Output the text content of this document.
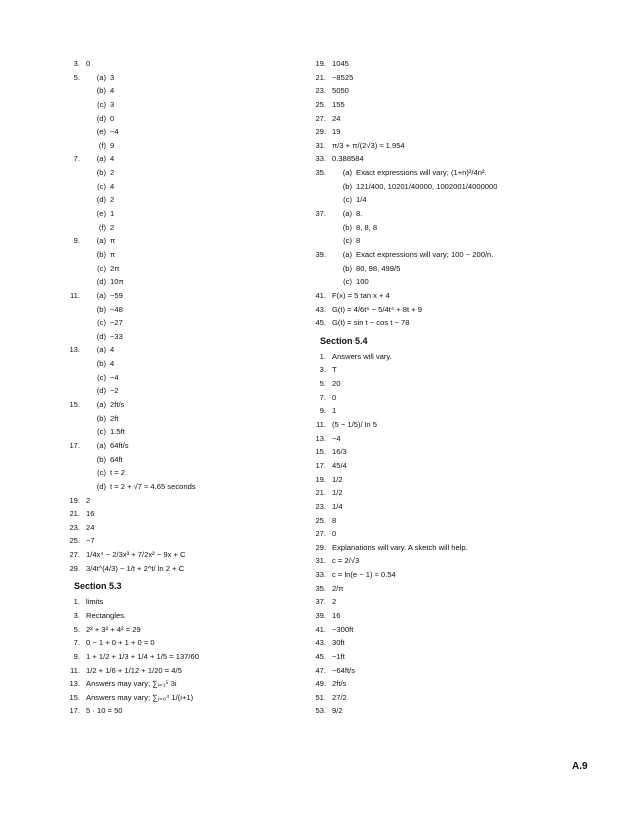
3. 0
5.	(a) 3
(b) 4
(c) 3
(d) 0
(e) −4
(f) 9
7.	(a) 4
(b) 2
(c) 4
(d) 2
(e) 1
(f) 2
9.	(a) π
(b) π
(c) 2π
(d) 10π
11.	(a) −59
(b) −48
(c) −27
(d) −33
13.	(a) 4
(b) 4
(c) −4
(d) −2
15.	(a) 2ft/s
(b) 2ft
(c) 1.5ft
17.	(a) 64ft/s
(b) 64ft
(c) t = 2
(d) t = 2 + √7 ≈ 4.65 seconds
19. 2
21. 16
23. 24
25. −7
27. 1/4x⁴ − 2/3x³ + 7/2x² − 9x + C
29. 3/4t^(4/3) − 1/t + 2^t/ ln 2 + C
Section 5.3
1. limits
3. Rectangles.
5. 2² + 3² + 4² = 29
7. 0 − 1 + 0 + 1 + 0 = 0
9. 1 + 1/2 + 1/3 + 1/4 + 1/5 = 137/60
11. 1/2 + 1/6 + 1/12 + 1/20 = 4/5
13. Answers may vary; ∑ᵢ₌₁⁵ 3i
15. Answers may vary; ∑ᵢ₌₀⁴ 1/(i+1)
17. 5 · 10 = 50
19. 1045
21. −8525
23. 5050
25. 155
27. 24
29. 19
31. π/3 + π/(2√3) ≈ 1.954
33. 0.388584
35.	(a) Exact expressions will vary; (1+n)²/4n².
(b) 121/400, 10201/40000, 1002001/4000000
(c) 1/4
37.	(a) 8.
(b) 8, 8, 8
(c) 8
39.	(a) Exact expressions will vary; 100 − 200/n.
(b) 80, 98, 499/5
(c) 100
41. F(x) = 5 tan x + 4
43. G(t) = 4/6t⁶ − 5/4t⁴ + 8t + 9
45. G(t) = sin t − cos t − 78
Section 5.4
1. Answers will vary.
3. T
5. 20
7. 0
9. 1
11. (5 − 1/5)/ ln 5
13. −4
15. 16/3
17. 45/4
19. 1/2
21. 1/2
23. 1/4
25. 8
27. 0
29. Explanations will vary. A sketch will help.
31. c = 2/√3
33. c = ln(e − 1) ≈ 0.54
35. 2/π
37. 2
39. 16
41. −300ft
43. 30ft
45. −1ft
47. −64ft/s
49. 2ft/s
51. 27/2
53. 9/2
A.9
